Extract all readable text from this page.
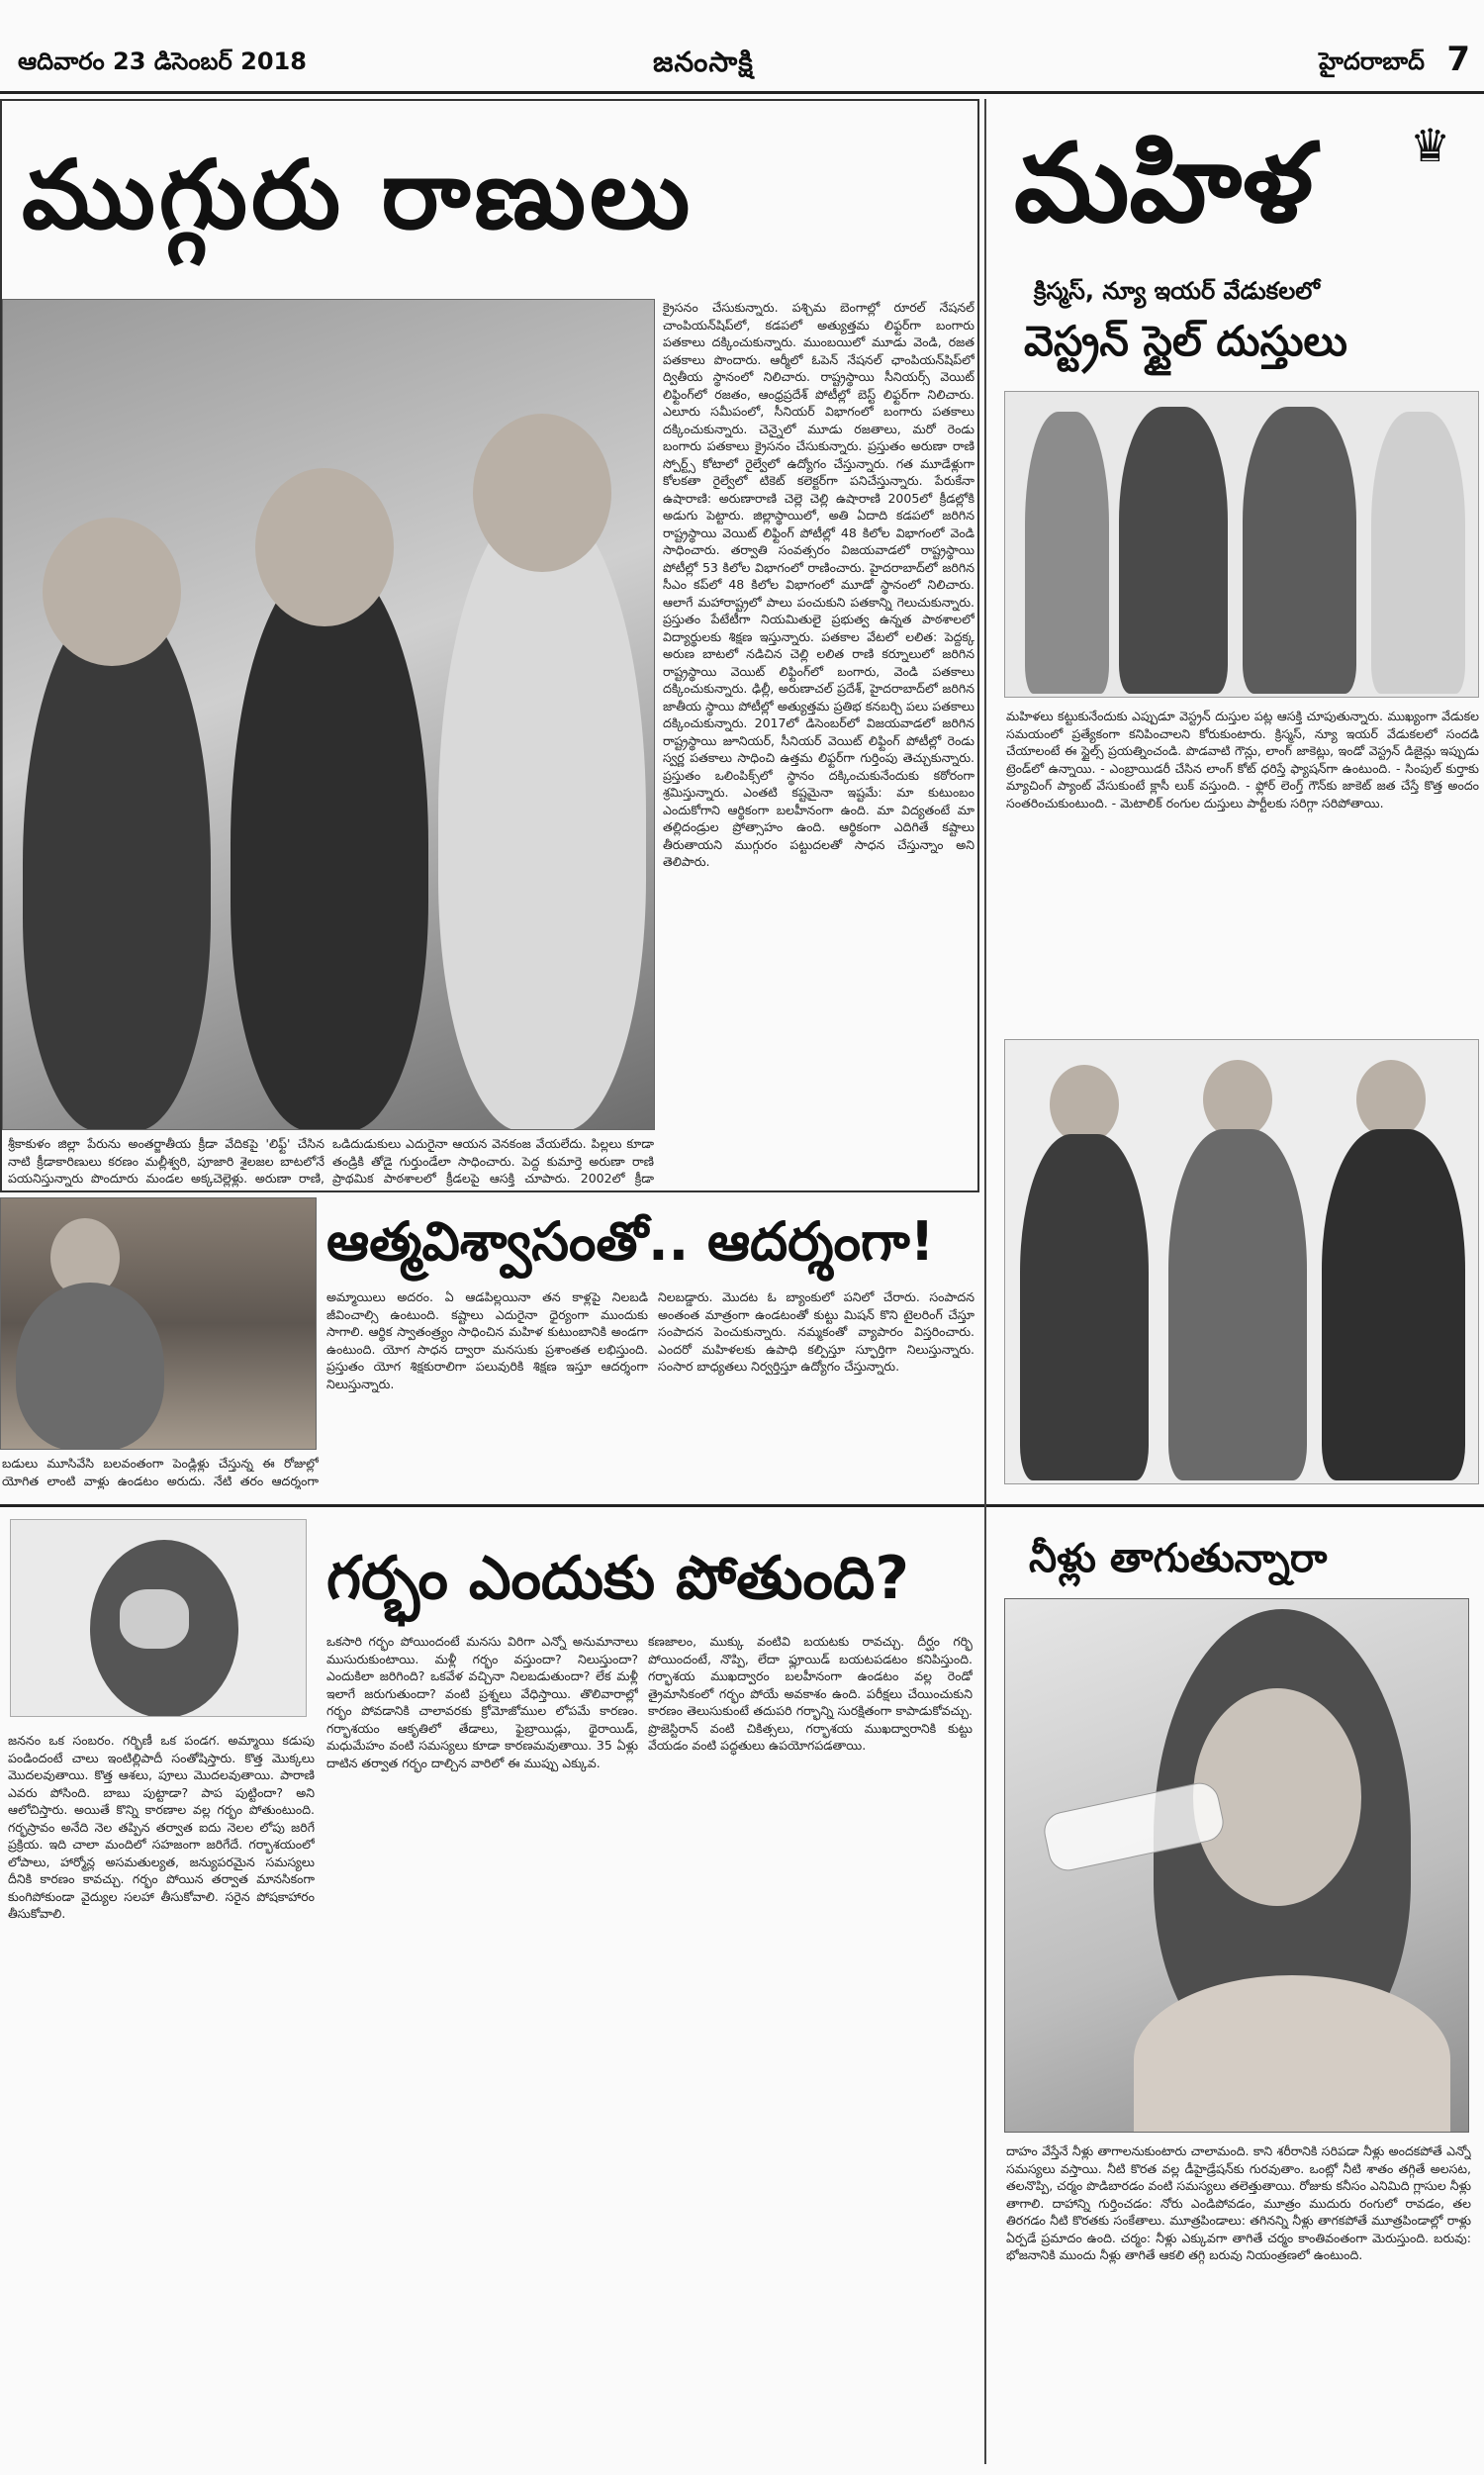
ఆదివారం 23 డిసెంబర్ 2018	జనంసాక్షి	హైదరాబాద్ 7
ముగ్గురు రాణులు
క్రైసనం చేసుకున్నారు. పశ్చిమ బెంగాల్లో రూరల్ నేషనల్ చాంపియన్‌షిప్‌లో, కడపలో అత్యుత్తమ లిఫ్టర్‌గా బంగారు పతకాలు దక్కించుకున్నారు. ముంబయిలో మూడు వెండి, రజత పతకాలు పొందారు. ఆర్మీలో ఓపెన్ నేషనల్ ఛాంపియన్‌షిప్‌లో ద్వితీయ స్థానంలో నిలిచారు. రాష్ట్రస్థాయి సీనియర్స్ వెయిట్ లిఫ్టింగ్‌లో రజతం, ఆంధ్రప్రదేశ్ పోటీల్లో బెస్ట్ లిఫ్టర్‌గా నిలిచారు. ఎలూరు సమీపంలో, సీనియర్ విభాగంలో బంగారు పతకాలు దక్కించుకున్నారు. చెన్నైలో మూడు రజతాలు, మరో రెండు బంగారు పతకాలు క్రైసనం చేసుకున్నారు. ప్రస్తుతం అరుణా రాణి స్పోర్ట్స్ కోటాలో రైల్వేలో ఉద్యోగం చేస్తున్నారు. గత మూడేళ్లుగా కోలకతా రైల్వేలో టికెట్ కలెక్టర్‌గా పనిచేస్తున్నారు. పేరుకేనా ఉషారాణి: అరుణారాణి చెల్లె చెల్లి ఉషారాణి 2005లో క్రీడల్లోకి అడుగు పెట్టారు. జిల్లాస్థాయిలో, అతి ఏదాది కడపలో జరిగిన రాష్ట్రస్థాయి వెయిట్ లిఫ్టింగ్ పోటీల్లో 48 కిలోల విభాగంలో వెండి సాధించారు. తర్వాతి సంవత్సరం విజయవాడలో రాష్ట్రస్థాయి పోటీల్లో 53 కిలోల విభాగంలో రాణించారు. హైదరాబాద్‌లో జరిగిన సీఎం కప్‌లో 48 కిలోల విభాగంలో మూడో స్థానంలో నిలిచారు. ఆలాగే మహారాష్ట్రలో పాలు పంచుకుని పతకాన్ని గెలుచుకున్నారు. ప్రస్తుతం పేటేటీగా నియమితులై ప్రభుత్వ ఉన్నత పాఠశాలలో విద్యార్థులకు శిక్షణ ఇస్తున్నారు. పతకాల వేటలో లలిత: పెద్దక్క అరుణ బాటలో నడిచిన చెల్లి లలిత రాణి కర్నూలులో జరిగిన రాష్ట్రస్థాయి వెయిట్ లిఫ్టింగ్‌లో బంగారు, వెండి పతకాలు దక్కించుకున్నారు. ఢిల్లీ, అరుణాచల్ ప్రదేశ్, హైదరాబాద్‌లో జరిగిన జాతీయ స్థాయి పోటీల్లో అత్యుత్తమ ప్రతిభ కనబర్చి పలు పతకాలు దక్కించుకున్నారు. 2017లో డిసెంబర్‌లో విజయవాడలో జరిగిన రాష్ట్రస్థాయి జూనియర్, సీనియర్ వెయిట్ లిఫ్టింగ్ పోటీల్లో రెండు స్వర్ణ పతకాలు సాధించి ఉత్తమ లిఫ్టర్‌గా గుర్తింపు తెచ్చుకున్నారు. ప్రస్తుతం ఒలింపిక్స్‌లో స్థానం దక్కించుకునేందుకు కఠోరంగా శ్రమిస్తున్నారు. ఎంతటి కష్టమైనా ఇష్టమే: మా కుటుంబం ఎందుకోగాని ఆర్థికంగా బలహీనంగా ఉంది. మా విద్యతంటే మా తల్లిదండ్రుల ప్రోత్సాహం ఉంది. ఆర్థికంగా ఎదిగితే కష్టాలు తీరుతాయని ముగ్గురం పట్టుదలతో సాధన చేస్తున్నాం అని తెలిపారు.
శ్రీకాకుళం జిల్లా పేరును అంతర్జాతీయ క్రీడా వేదికపై 'లిఫ్ట్' చేసిన నాటి క్రీడాకారిణులు కరణం మల్లీశ్వరి, పూజారి శైలజల బాటలోనే పయనిస్తున్నారు పొందూరు మండల అక్కచెల్లెళ్లు. అరుణా రాణి,
ఒడిదుడుకులు ఎదురైనా ఆయన వెనకంజ వేయలేదు. పిల్లలు కూడా తండ్రికి తోడై గుర్తుండేలా సాధించారు. పెద్ద కుమార్తె అరుణా రాణి ప్రాథమిక పాఠశాలలో క్రీడలపై ఆసక్తి చూపారు. 2002లో క్రీడా
ఆత్మవిశ్వాసంతో.. ఆదర్శంగా!
అమ్మాయిలు అదరం. ఏ ఆడపిల్లయినా తన కాళ్లపై నిలబడి జీవించాల్సి ఉంటుంది. కష్టాలు ఎదురైనా ధైర్యంగా ముందుకు సాగాలి. ఆర్థిక స్వాతంత్ర్యం సాధించిన మహిళ కుటుంబానికి అండగా ఉంటుంది. యోగ సాధన ద్వారా మనసుకు ప్రశాంతత లభిస్తుంది. ప్రస్తుతం యోగ శిక్షకురాలిగా పలువురికి శిక్షణ ఇస్తూ ఆదర్శంగా నిలుస్తున్నారు.
నిలబడ్డారు. మొదట ఓ బ్యాంకులో పనిలో చేరారు. సంపాదన అంతంత మాత్రంగా ఉండటంతో కుట్టు మిషన్ కొని టైలరింగ్ చేస్తూ సంపాదన పెంచుకున్నారు. నమ్మకంతో వ్యాపారం విస్తరించారు. ఎందరో మహిళలకు ఉపాధి కల్పిస్తూ స్ఫూర్తిగా నిలుస్తున్నారు. సంసార బాధ్యతలు నిర్వర్తిస్తూ ఉద్యోగం చేస్తున్నారు.
బడులు మూసివేసి బలవంతంగా పెండ్లిళ్లు చేస్తున్న ఈ రోజుల్లో యోగిత లాంటి వాళ్లు ఉండటం అరుదు. నేటి తరం ఆదర్శంగా
గర్భం ఎందుకు పోతుంది?
జననం ఒక సంబరం. గర్భిణీ ఒక పండగ. అమ్మాయి కడుపు పండిందంటే చాలు ఇంటిల్లిపాదీ సంతోషిస్తారు. కొత్త మొక్కలు మొదలవుతాయి. కొత్త ఆశలు, పూలు మొదలవుతాయి. పారాణి ఎవరు పోసింది. బాబు పుట్టాడా? పాప పుట్టిందా? అని ఆలోచిస్తారు. అయితే కొన్ని కారణాల వల్ల గర్భం పోతుంటుంది. గర్భస్రావం అనేది నెల తప్పిన తర్వాత ఐదు నెలల లోపు జరిగే ప్రక్రియ. ఇది చాలా మందిలో సహజంగా జరిగేదే. గర్భాశయంలో లోపాలు, హార్మోన్ల అసమతుల్యత, జన్యుపరమైన సమస్యలు దీనికి కారణం కావచ్చు. గర్భం పోయిన తర్వాత మానసికంగా కుంగిపోకుండా వైద్యుల సలహా తీసుకోవాలి. సరైన పోషకాహారం తీసుకోవాలి.
ఒకసారి గర్భం పోయిందంటే మనసు విరిగా ఎన్నో అనుమానాలు ముసురుకుంటాయి. మళ్లీ గర్భం వస్తుందా? నిలుస్తుందా? ఎందుకిలా జరిగింది? ఒకవేళ వచ్చినా నిలబడుతుందా? లేక మళ్లీ ఇలాగే జరుగుతుందా? వంటి ప్రశ్నలు వేధిస్తాయి. తొలివారాల్లో గర్భం పోవడానికి చాలావరకు క్రోమోజోముల లోపమే కారణం. గర్భాశయం ఆకృతిలో తేడాలు, ఫైబ్రాయిడ్లు, థైరాయిడ్, మధుమేహం వంటి సమస్యలు కూడా కారణమవుతాయి. 35 ఏళ్లు దాటిన తర్వాత గర్భం దాల్చిన వారిలో ఈ ముప్పు ఎక్కువ.
కణజాలం, ముక్కు వంటివి బయటకు రావచ్చు. దీర్ఘం గర్భి పోయిందంటే, నొప్పి, లేదా ఫ్లూయిడ్ బయటపడటం కనిపిస్తుంది. గర్భాశయ ముఖద్వారం బలహీనంగా ఉండటం వల్ల రెండో త్రైమాసికంలో గర్భం పోయే అవకాశం ఉంది. పరీక్షలు చేయించుకుని కారణం తెలుసుకుంటే తదుపరి గర్భాన్ని సురక్షితంగా కాపాడుకోవచ్చు. ప్రొజెస్టిరాన్ వంటి చికిత్సలు, గర్భాశయ ముఖద్వారానికి కుట్టు వేయడం వంటి పద్ధతులు ఉపయోగపడతాయి.
మహిళ ♛
క్రిస్మస్, న్యూ ఇయర్ వేడుకలలో
వెస్ట్రన్ స్టైల్ దుస్తులు
మహిళలు కట్టుకునేందుకు ఎప్పుడూ వెస్ట్రన్ దుస్తుల పట్ల ఆసక్తి చూపుతున్నారు. ముఖ్యంగా వేడుకల సమయంలో ప్రత్యేకంగా కనిపించాలని కోరుకుంటారు. క్రిస్మస్, న్యూ ఇయర్ వేడుకలలో సందడి చేయాలంటే ఈ స్టైల్స్ ప్రయత్నించండి. పొడవాటి గౌన్లు, లాంగ్ జాకెట్లు, ఇండో వెస్ట్రన్ డిజైన్లు ఇప్పుడు ట్రెండ్‌లో ఉన్నాయి. - ఎంబ్రాయిడరీ చేసిన లాంగ్ కోట్ ధరిస్తే ఫ్యాషన్‌గా ఉంటుంది. - సింపుల్ కుర్తాకు మ్యాచింగ్ ప్యాంట్ వేసుకుంటే క్లాసీ లుక్ వస్తుంది. - ఫ్లోర్ లెంగ్త్ గౌన్‌కు జాకెట్ జత చేస్తే కొత్త అందం సంతరించుకుంటుంది. - మెటాలిక్ రంగుల దుస్తులు పార్టీలకు సరిగ్గా సరిపోతాయి.
నీళ్లు తాగుతున్నారా
దాహం వేస్తేనే నీళ్లు తాగాలనుకుంటారు చాలామంది. కాని శరీరానికి సరిపడా నీళ్లు అందకపోతే ఎన్నో సమస్యలు వస్తాయి. నీటి కొరత వల్ల డీహైడ్రేషన్‌కు గురవుతాం. ఒంట్లో నీటి శాతం తగ్గితే అలసట, తలనొప్పి, చర్మం పొడిబారడం వంటి సమస్యలు తలెత్తుతాయి. రోజుకు కనీసం ఎనిమిది గ్లాసుల నీళ్లు తాగాలి. దాహాన్ని గుర్తించడం: నోరు ఎండిపోవడం, మూత్రం ముదురు రంగులో రావడం, తల తిరగడం నీటి కొరతకు సంకేతాలు. మూత్రపిండాలు: తగినన్ని నీళ్లు తాగకపోతే మూత్రపిండాల్లో రాళ్లు ఏర్పడే ప్రమాదం ఉంది. చర్మం: నీళ్లు ఎక్కువగా తాగితే చర్మం కాంతివంతంగా మెరుస్తుంది. బరువు: భోజనానికి ముందు నీళ్లు తాగితే ఆకలి తగ్గి బరువు నియంత్రణలో ఉంటుంది.
